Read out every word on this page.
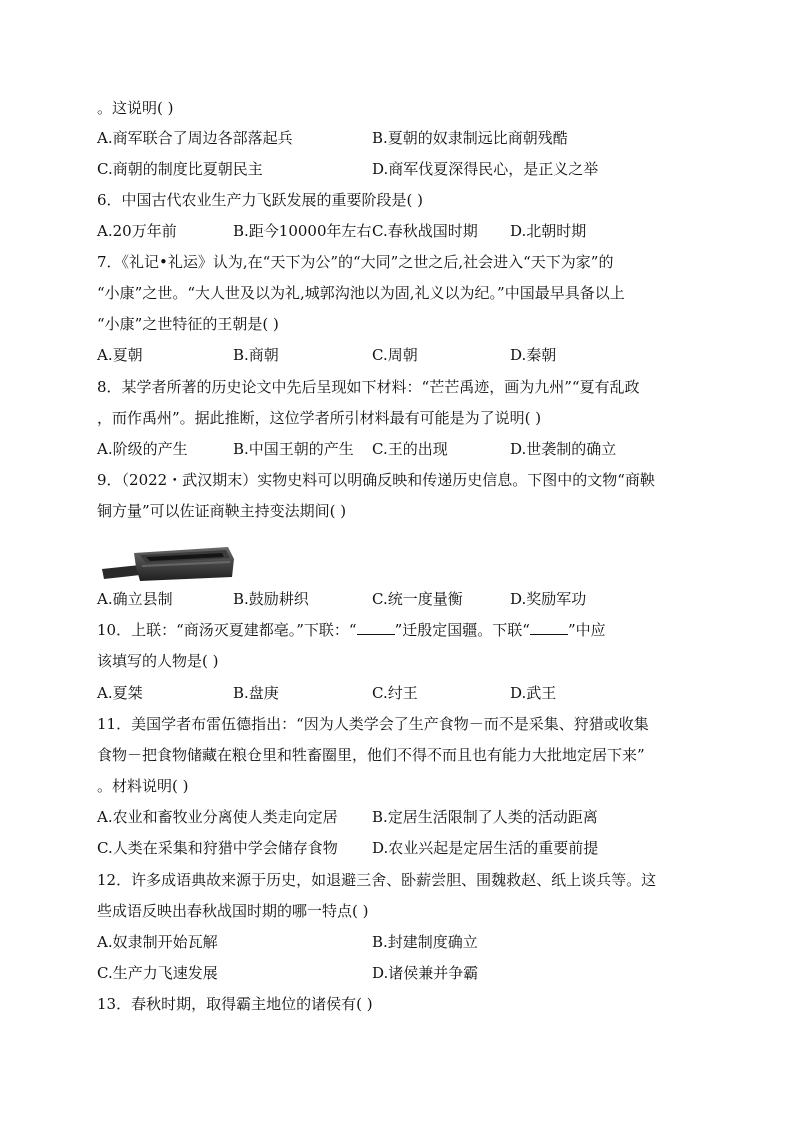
。这说明( )
A.商军联合了周边各部落起兵	B.夏朝的奴隶制远比商朝残酷
C.商朝的制度比夏朝民主	D.商军伐夏深得民心，是正义之举
6．中国古代农业生产力飞跃发展的重要阶段是( )
A.20万年前	B.距今10000年左右 C.春秋战国时期 D.北朝时期
7．《礼记•礼运》认为,在“天下为公”的“大同”之世之后,社会进入“天下为家”的
“小康”之世。“大人世及以为礼,城郭沟池以为固,礼义以为纪。”中国最早具备以上
“小康”之世特征的王朝是( )
A.夏朝	B.商朝	C.周朝	D.秦朝
8．某学者所著的历史论文中先后呈现如下材料：“芒芒禹迹，画为九州”“夏有乱政
，而作禹州”。据此推断，这位学者所引材料最有可能是为了说明( )
A.阶级的产生	B.中国王朝的产生 C.王的出现	D.世袭制的确立
9．（2022・武汉期末）实物史料可以明确反映和传递历史信息。下图中的文物“商鞅
铜方量”可以佐证商鞅主持变法期间( )
A.确立县制	B.鼓励耕织	C.统一度量衡	D.奖励军功
10．上联：“商汤灭夏建都亳。”下联：“	”迁殷定国疆。下联“	”中应
该填写的人物是( )
A.夏桀	B.盘庚	C.纣王	D.武王
11．美国学者布雷伍德指出：“因为人类学会了生产食物－而不是采集、狩猎或收集
食物－把食物储藏在粮仓里和牲畜圈里，他们不得不而且也有能力大批地定居下来”
。材料说明( )
A.农业和畜牧业分离使人类走向定居 B.定居生活限制了人类的活动距离
C.人类在采集和狩猎中学会储存食物 D.农业兴起是定居生活的重要前提
12．许多成语典故来源于历史，如退避三舍、卧薪尝胆、围魏救赵、纸上谈兵等。这
些成语反映出春秋战国时期的哪一特点( )
A.奴隶制开始瓦解	B.封建制度确立
C.生产力飞速发展	D.诸侯兼并争霸
13．春秋时期，取得霸主地位的诸侯有( )
